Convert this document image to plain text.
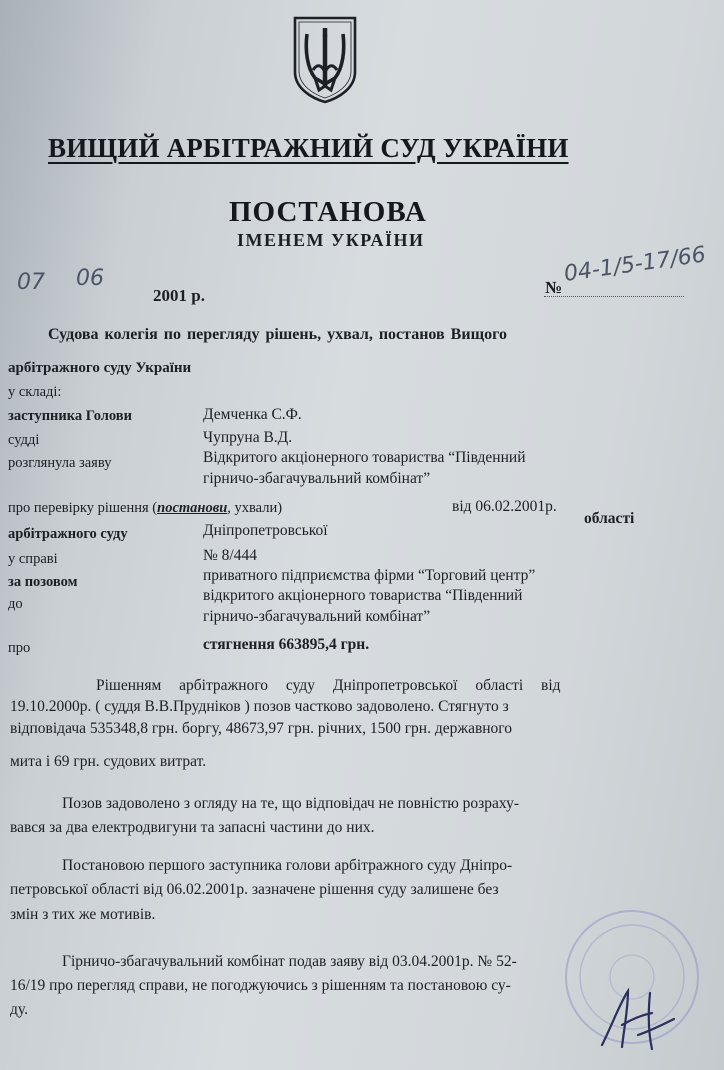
ВИЩИЙ АРБІТРАЖНИЙ СУД УКРАЇНИ
ПОСТАНОВА
ІМЕНЕМ УКРАЇНИ
07 06
2001 р.	№
04-1/5-17/66
Судова колегія по перегляду рішень, ухвал, постанов Вищого
арбітражного суду України
у складі:
заступника Голови	Демченка С.Ф.
судді	Чупруна В.Д.
розглянула заяву	Відкритого акціонерного товариства “Південний
гірничо-збагачувальний комбінат”
про перевірку рішення (постанови, ухвали)	від 06.02.2001р.
арбітражного суду	Дніпропетровської
області
у справі	№ 8/444
за позовом	приватного підприємства фірми “Торговий центр”
до	відкритого акціонерного товариства “Південний
гірничо-збагачувальний комбінат”
про	стягнення 663895,4 грн.
Рішенням арбітражного суду Дніпропетровської області від
19.10.2000р. ( суддя В.В.Прудніков ) позов частково задоволено. Стягнуто з
відповідача 535348,8 грн. боргу, 48673,97 грн. річних, 1500 грн. державного
мита і 69 грн. судових витрат.
Позов задоволено з огляду на те, що відповідач не повністю розраху-
вався за два електродвигуни та запасні частини до них.
Постановою першого заступника голови арбітражного суду Дніпро-
петровської області від 06.02.2001р. зазначене рішення суду залишене без
змін з тих же мотивів.
Гірничо-збагачувальний комбінат подав заяву від 03.04.2001р. № 52-
16/19 про перегляд справи, не погоджуючись з рішенням та постановою су-
ду.
